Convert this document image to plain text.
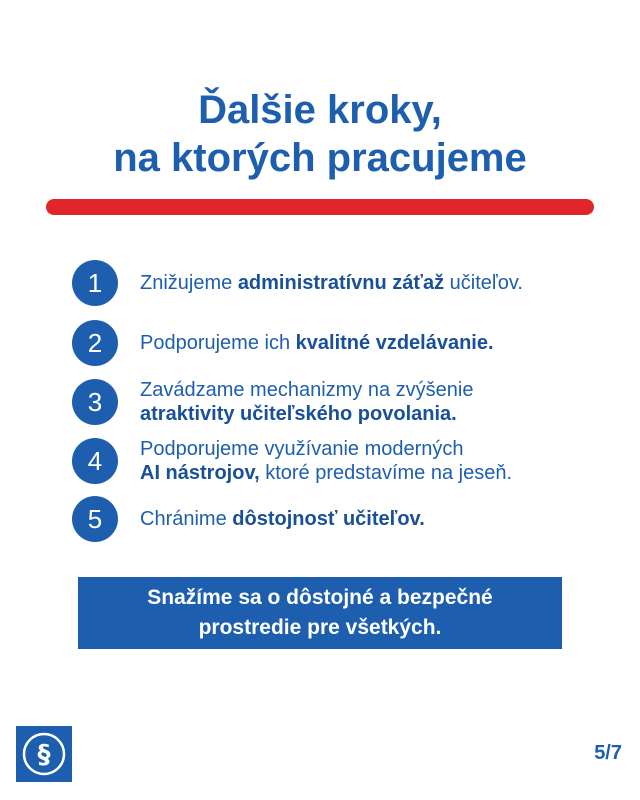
Ďalšie kroky,
na ktorých pracujeme
1	Znižujeme administratívnu záťaž učiteľov.
2	Podporujeme ich kvalitné vzdelávanie.
3	Zavádzame mechanizmy na zvýšenie
atraktivity učiteľského povolania.
4	Podporujeme využívanie moderných
AI nástrojov, ktoré predstavíme na jeseň.
5	Chránime dôstojnosť učiteľov.
Snažíme sa o dôstojné a bezpečné
prostredie pre všetkých.
§	5/7
